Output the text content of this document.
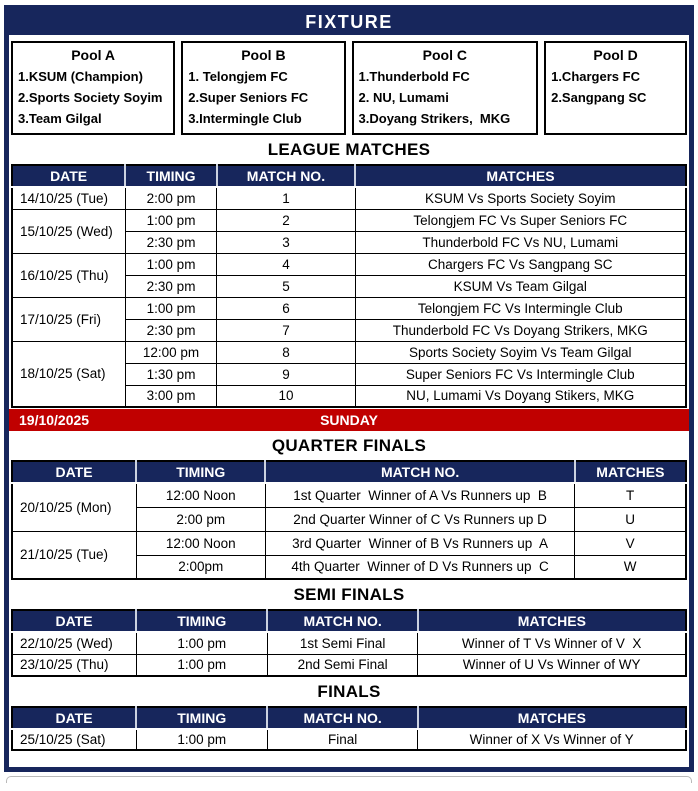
FIXTURE
Pool A
1.KSUM (Champion)
2.Sports Society Soyim
3.Team Gilgal
Pool B
1. Telongjem FC
2.Super Seniors FC
3.Intermingle Club
Pool C
1.Thunderbold FC
2. NU, Lumami
3.Doyang Strikers,  MKG
Pool D
1.Chargers FC
2.Sangpang SC
LEAGUE MATCHES
DATE	TIMING	MATCH NO.	MATCHES
14/10/25 (Tue)	2:00 pm	1	KSUM Vs Sports Society Soyim
15/10/25 (Wed)	1:00 pm	2	Telongjem FC Vs Super Seniors FC
	2:30 pm	3	Thunderbold FC Vs NU, Lumami
16/10/25 (Thu)	1:00 pm	4	Chargers FC Vs Sangpang SC
	2:30 pm	5	KSUM Vs Team Gilgal
17/10/25 (Fri)	1:00 pm	6	Telongjem FC Vs Intermingle Club
	2:30 pm	7	Thunderbold FC Vs Doyang Strikers, MKG
18/10/25 (Sat)	12:00 pm	8	Sports Society Soyim Vs Team Gilgal
	1:30 pm	9	Super Seniors FC Vs Intermingle Club
	3:00 pm	10	NU, Lumami Vs Doyang Stikers, MKG
19/10/2025	SUNDAY
QUARTER FINALS
DATE	TIMING	MATCH NO.	MATCHES
20/10/25 (Mon)	12:00 Noon	1st Quarter  Winner of A Vs Runners up  B	T
	2:00 pm	2nd Quarter Winner of C Vs Runners up D	U
21/10/25 (Tue)	12:00 Noon	3rd Quarter  Winner of B Vs Runners up  A	V
	2:00pm	4th Quarter  Winner of D Vs Runners up  C	W
SEMI FINALS
DATE	TIMING	MATCH NO.	MATCHES
22/10/25 (Wed)	1:00 pm	1st Semi Final	Winner of T Vs Winner of V  X
23/10/25 (Thu)	1:00 pm	2nd Semi Final	Winner of U Vs Winner of WY
FINALS
DATE	TIMING	MATCH NO.	MATCHES
25/10/25 (Sat)	1:00 pm	Final	Winner of X Vs Winner of Y
